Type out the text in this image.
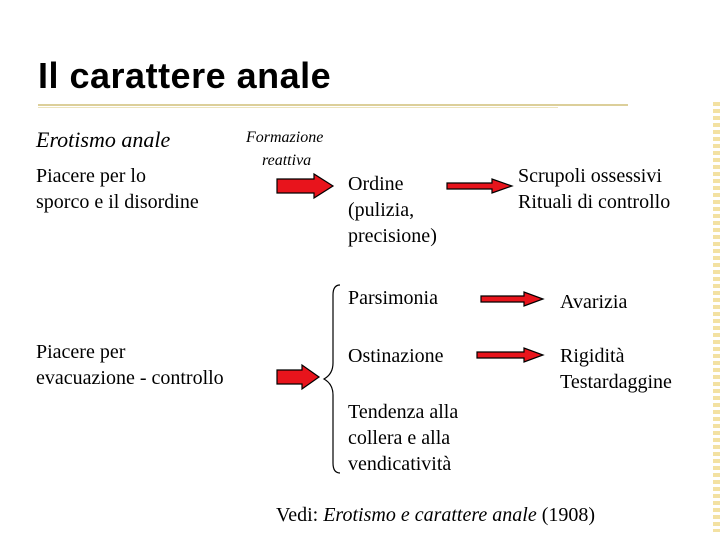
Il carattere anale
Erotismo anale	Formazione
reattiva
Piacere per lo
sporco e il disordine
Ordine
(pulizia,
precisione)
Scrupoli ossessivi
Rituali di controllo
Parsimonia	Avarizia
Piacere per
evacuazione - controllo
Ostinazione	Rigidità
Testardaggine
Tendenza alla
collera e alla
vendicatività
Vedi: Erotismo e carattere anale (1908)
